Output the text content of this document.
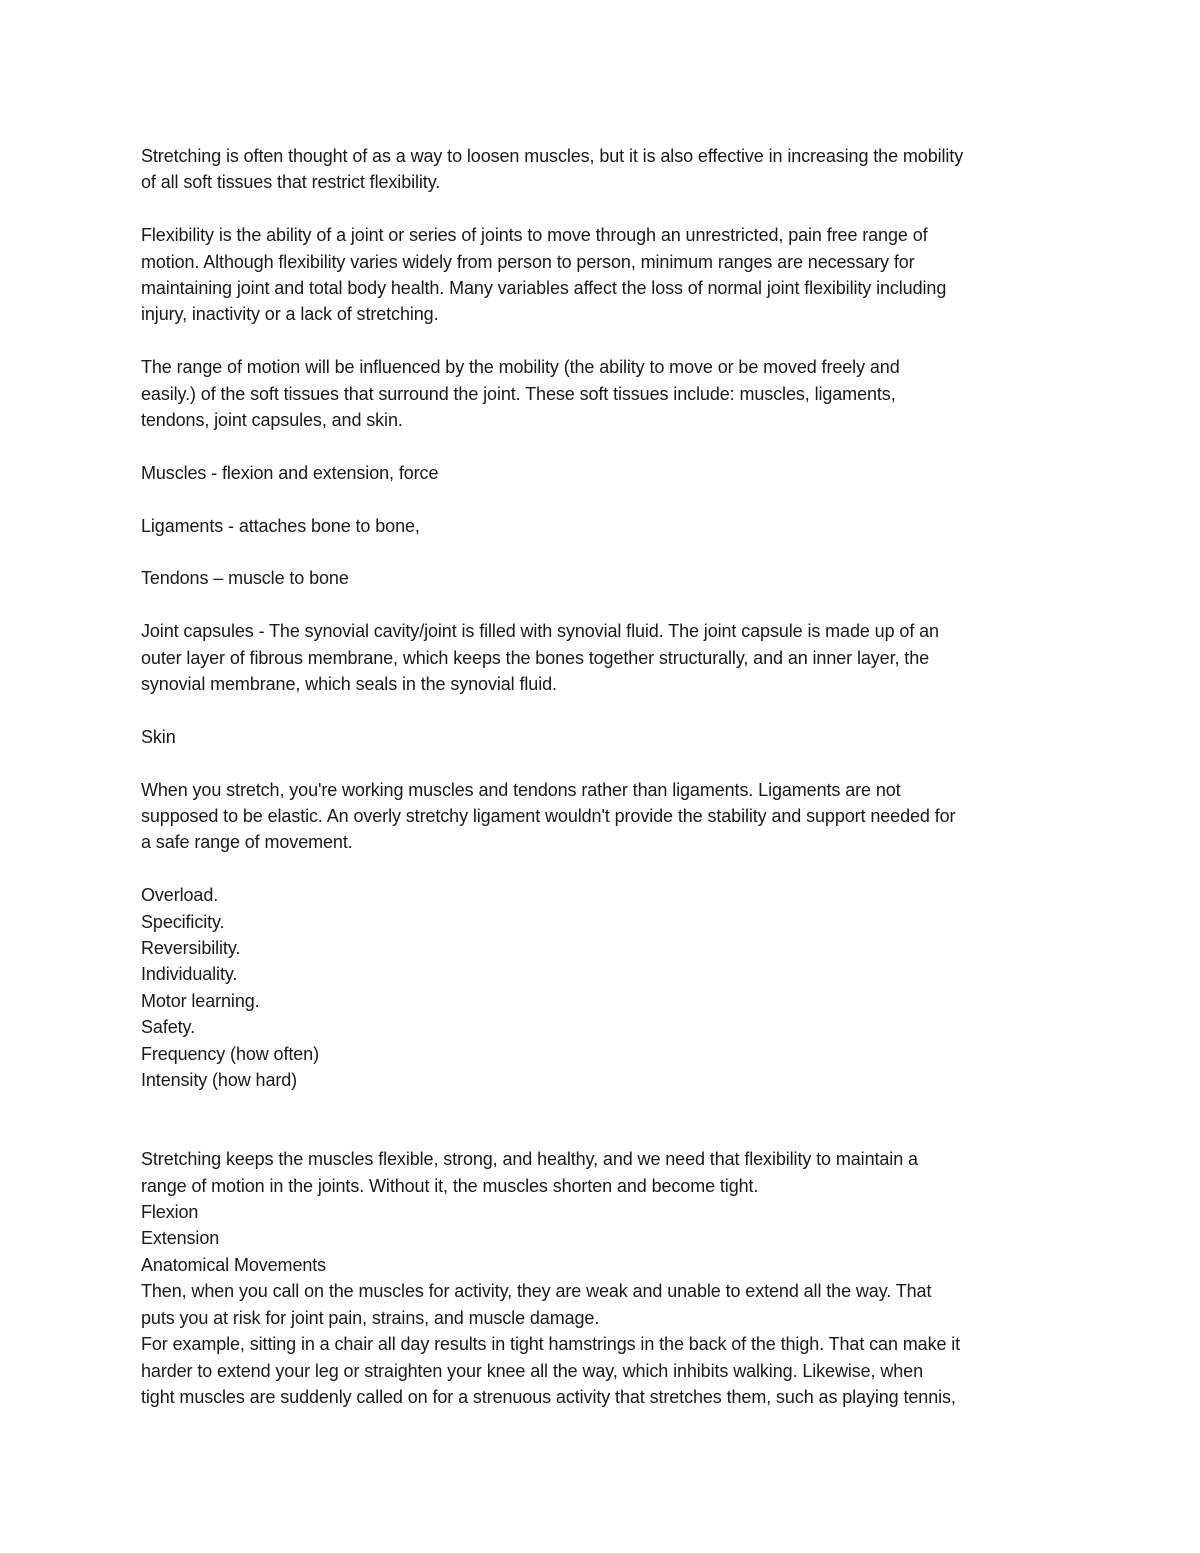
Stretching is often thought of as a way to loosen muscles, but it is also effective in increasing the mobility

of all soft tissues that restrict flexibility.

Flexibility is the ability of a joint or series of joints to move through an unrestricted, pain free range of

motion. Although flexibility varies widely from person to person, minimum ranges are necessary for

maintaining joint and total body health. Many variables affect the loss of normal joint flexibility including

injury, inactivity or a lack of stretching.

The range of motion will be influenced by the mobility (the ability to move or be moved freely and

easily.) of the soft tissues that surround the joint. These soft tissues include: muscles, ligaments,

tendons, joint capsules, and skin.

Muscles - flexion and extension, force

Ligaments - attaches bone to bone,

Tendons – muscle to bone

Joint capsules - The synovial cavity/joint is filled with synovial fluid. The joint capsule is made up of an

outer layer of fibrous membrane, which keeps the bones together structurally, and an inner layer, the

synovial membrane, which seals in the synovial fluid.

Skin

When you stretch, you're working muscles and tendons rather than ligaments. Ligaments are not

supposed to be elastic. An overly stretchy ligament wouldn't provide the stability and support needed for

a safe range of movement.

Overload.

Specificity.

Reversibility.

Individuality.

Motor learning.

Safety.

Frequency (how often)

Intensity (how hard)

Stretching keeps the muscles flexible, strong, and healthy, and we need that flexibility to maintain a

range of motion in the joints. Without it, the muscles shorten and become tight.

Flexion

Extension

Anatomical Movements

Then, when you call on the muscles for activity, they are weak and unable to extend all the way. That

puts you at risk for joint pain, strains, and muscle damage.

For example, sitting in a chair all day results in tight hamstrings in the back of the thigh. That can make it

harder to extend your leg or straighten your knee all the way, which inhibits walking. Likewise, when

tight muscles are suddenly called on for a strenuous activity that stretches them, such as playing tennis,
